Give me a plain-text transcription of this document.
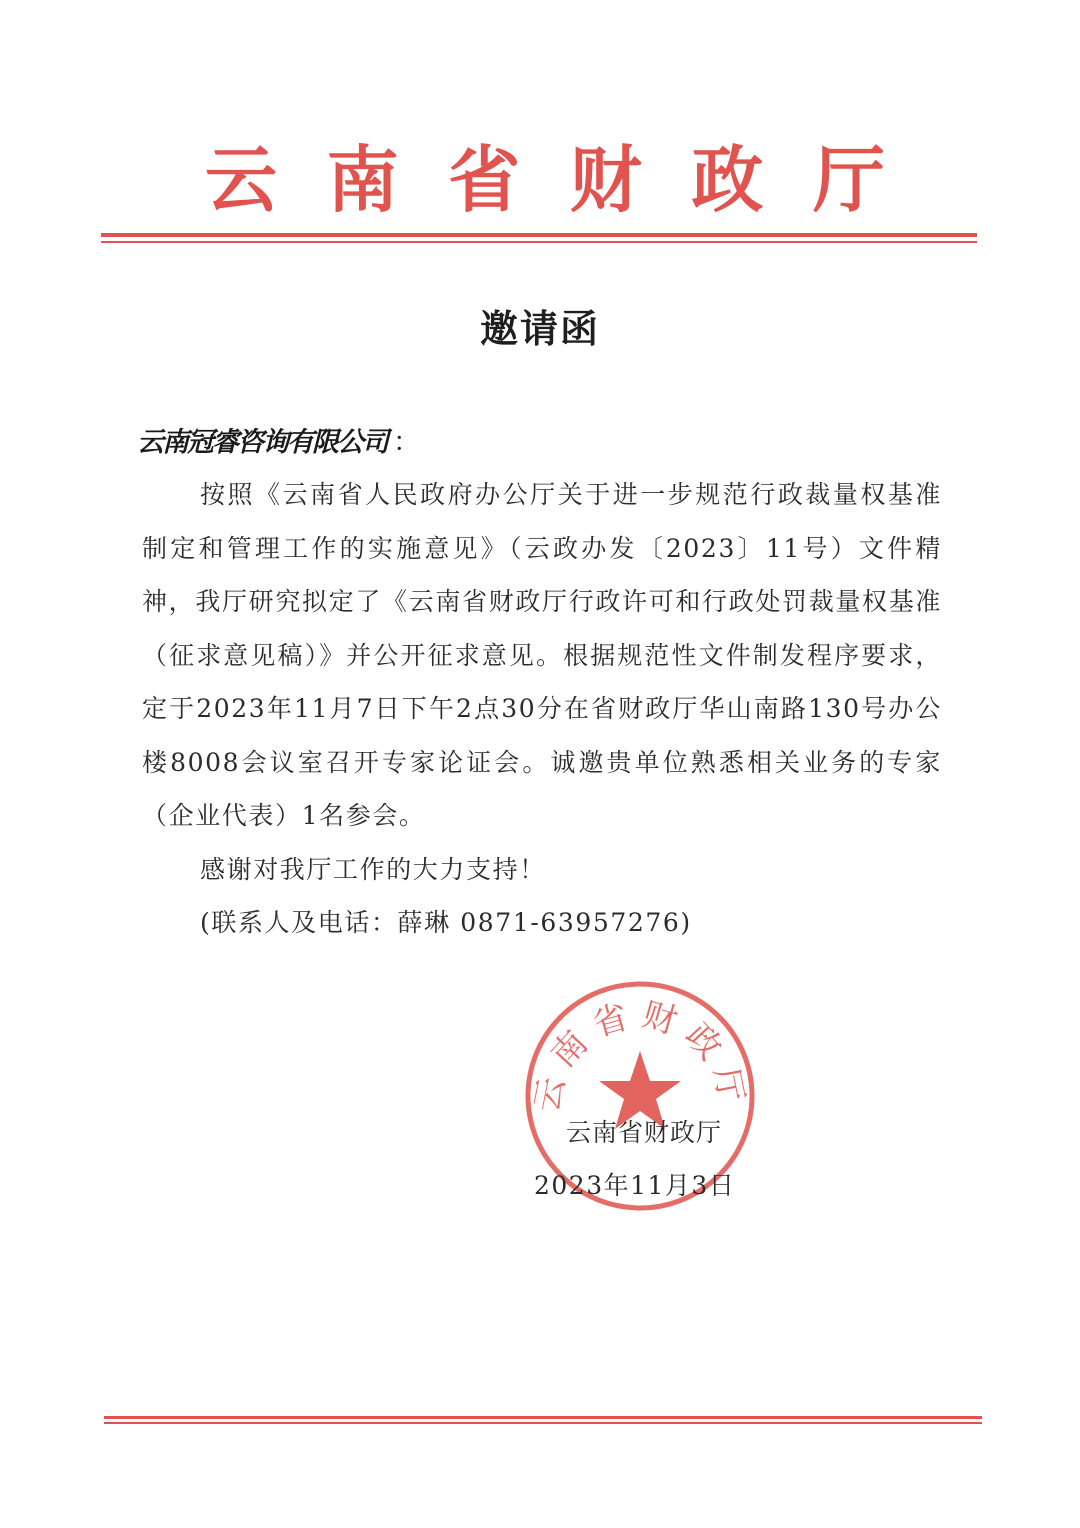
云 南 省 财 政 厅
邀请函
云南冠睿咨询有限公司 ：

按照《云南省人民政府办公厅关于进一步规范行政裁量权基准制定和管理工作的实施意见》（云政办发〔2023〕11号）文件精神，我厅研究拟定了《云南省财政厅行政许可和行政处罚裁量权基准（征求意见稿）》并公开征求意见。根据规范性文件制发程序要求，定于2023年11月7日下午2点30分在省财政厅华山南路130号办公楼8008会议室召开专家论证会。诚邀贵单位熟悉相关业务的专家（企业代表）1名参会。

感谢对我厅工作的大力支持！

(联系人及电话：薛琳 0871-63957276)

云南省财政厅
云南省财政厅
2023年11月3日
